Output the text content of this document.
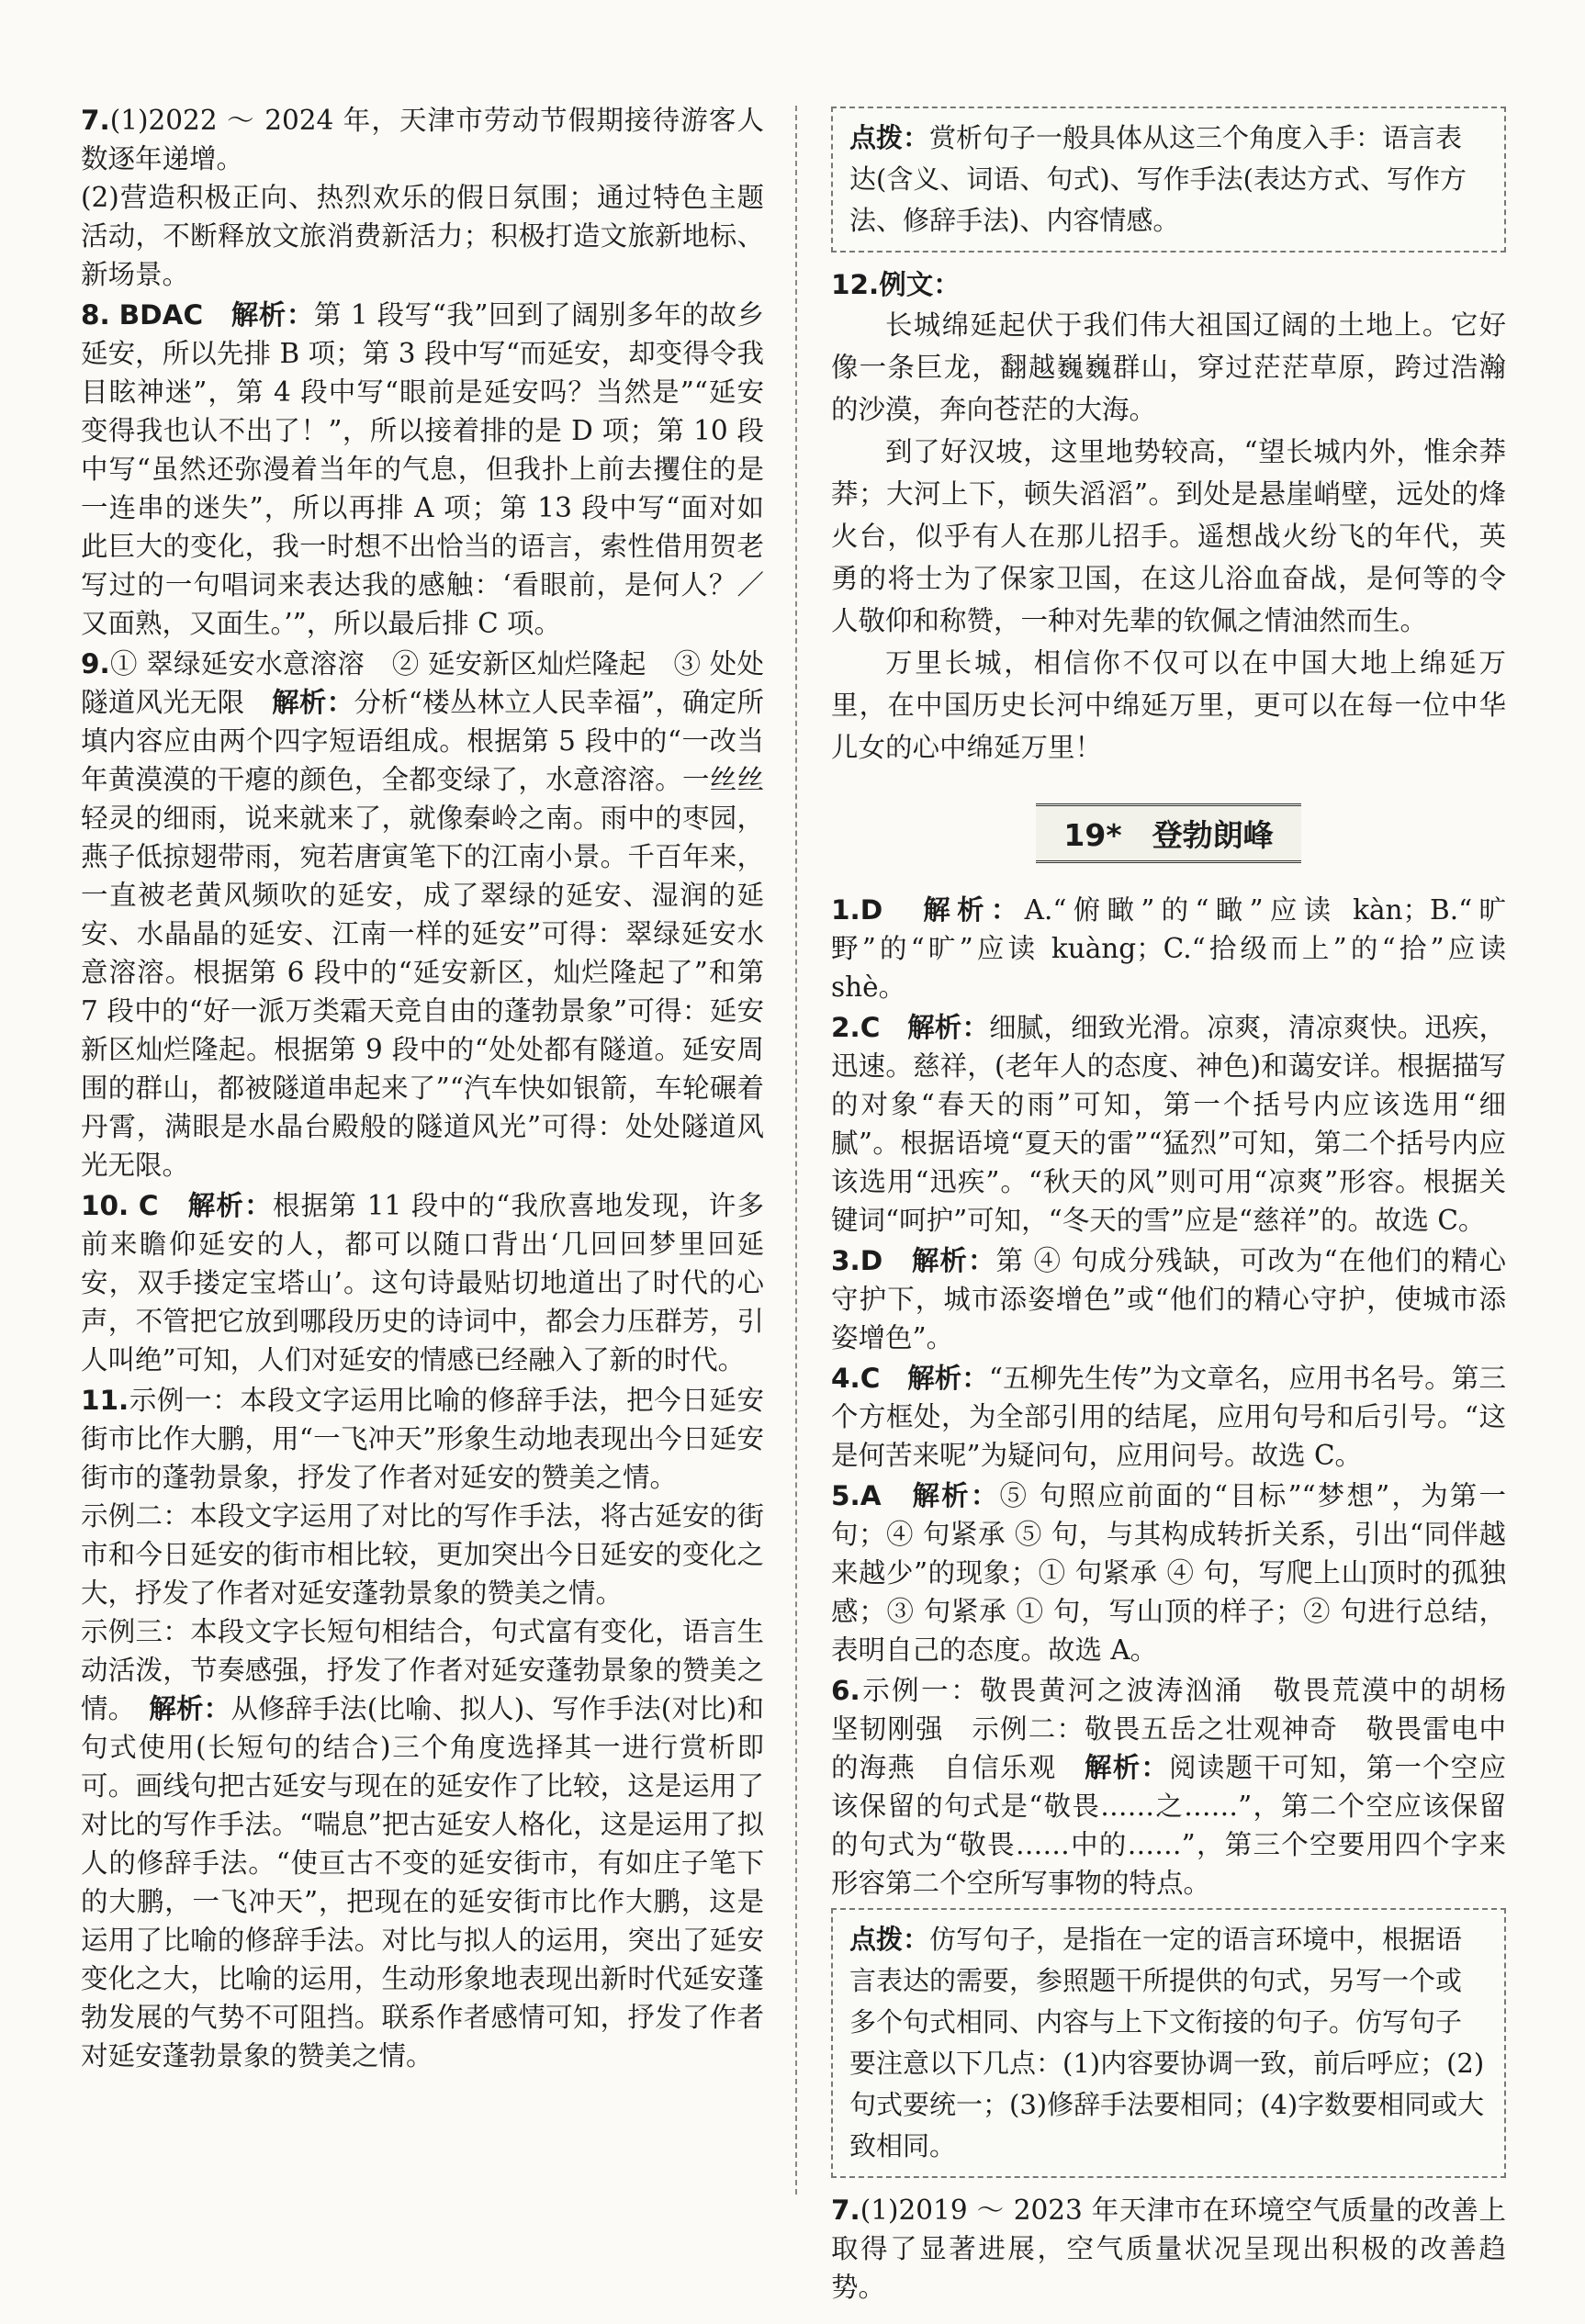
7.(1)2022 ～ 2024 年，天津市劳动节假期接待游客人数逐年递增。

(2)营造积极正向、热烈欢乐的假日氛围；通过特色主题活动，不断释放文旅消费新活力；积极打造文旅新地标、新场景。

8. BDAC　 解析：第 1 段写“我”回到了阔别多年的故乡延安，所以先排 B 项；第 3 段中写“而延安，却变得令我目眩神迷”，第 4 段中写“眼前是延安吗？当然是”“延安变得我也认不出了！”，所以接着排的是 D 项；第 10 段中写“虽然还弥漫着当年的气息，但我扑上前去攫住的是一连串的迷失”，所以再排 A 项；第 13 段中写“面对如此巨大的变化，我一时想不出恰当的语言，索性借用贺老写过的一句唱词来表达我的感触：‘看眼前，是何人？／又面熟，又面生。’”，所以最后排 C 项。

9.① 翠绿延安水意溶溶　② 延安新区灿烂隆起　③ 处处隧道风光无限　 解析：分析“楼丛林立人民幸福”，确定所填内容应由两个四字短语组成。根据第 5 段中的“一改当年黄漠漠的干瘪的颜色，全都变绿了，水意溶溶。一丝丝轻灵的细雨，说来就来了，就像秦岭之南。雨中的枣园，燕子低掠翅带雨，宛若唐寅笔下的江南小景。千百年来，一直被老黄风频吹的延安，成了翠绿的延安、湿润的延安、水晶晶的延安、江南一样的延安”可得：翠绿延安水意溶溶。根据第 6 段中的“延安新区，灿烂隆起了”和第 7 段中的“好一派万类霜天竞自由的蓬勃景象”可得：延安新区灿烂隆起。根据第 9 段中的“处处都有隧道。延安周围的群山，都被隧道串起来了”“汽车快如银箭，车轮碾着丹霄，满眼是水晶台殿般的隧道风光”可得：处处隧道风光无限。

10. C　 解析：根据第 11 段中的“我欣喜地发现，许多前来瞻仰延安的人，都可以随口背出‘几回回梦里回延安，双手搂定宝塔山’。这句诗最贴切地道出了时代的心声，不管把它放到哪段历史的诗词中，都会力压群芳，引人叫绝”可知，人们对延安的情感已经融入了新的时代。

11.示例一：本段文字运用比喻的修辞手法，把今日延安街市比作大鹏，用“一飞冲天”形象生动地表现出今日延安街市的蓬勃景象，抒发了作者对延安的赞美之情。

示例二：本段文字运用了对比的写作手法，将古延安的街市和今日延安的街市相比较，更加突出今日延安的变化之大，抒发了作者对延安蓬勃景象的赞美之情。

示例三：本段文字长短句相结合，句式富有变化，语言生动活泼，节奏感强，抒发了作者对延安蓬勃景象的赞美之情。　 解析：从修辞手法(比喻、拟人)、写作手法(对比)和句式使用(长短句的结合)三个角度选择其一进行赏析即可。画线句把古延安与现在的延安作了比较，这是运用了对比的写作手法。“喘息”把古延安人格化，这是运用了拟人的修辞手法。“使亘古不变的延安街市，有如庄子笔下的大鹏，一飞冲天”，把现在的延安街市比作大鹏，这是运用了比喻的修辞手法。对比与拟人的运用，突出了延安变化之大，比喻的运用，生动形象地表现出新时代延安蓬勃发展的气势不可阻挡。联系作者感情可知，抒发了作者对延安蓬勃景象的赞美之情。

点拨：赏析句子一般具体从这三个角度入手：语言表达(含义、词语、句式)、写作手法(表达方式、写作方法、修辞手法)、内容情感。

12.例文：

长城绵延起伏于我们伟大祖国辽阔的土地上。它好像一条巨龙，翻越巍巍群山，穿过茫茫草原，跨过浩瀚的沙漠，奔向苍茫的大海。

到了好汉坡，这里地势较高，“望长城内外，惟余莽莽；大河上下，顿失滔滔”。到处是悬崖峭壁，远处的烽火台，似乎有人在那儿招手。遥想战火纷飞的年代，英勇的将士为了保家卫国，在这儿浴血奋战，是何等的令人敬仰和称赞，一种对先辈的钦佩之情油然而生。

万里长城，相信你不仅可以在中国大地上绵延万里，在中国历史长河中绵延万里，更可以在每一位中华儿女的心中绵延万里！

19*　登勃朗峰

1.D　 解析：A.“俯瞰”的“瞰”应读 kàn；B.“旷野”的“旷”应读 kuàng；C.“拾级而上”的“拾”应读 shè。

2.C　 解析：细腻，细致光滑。凉爽，清凉爽快。迅疾，迅速。慈祥，(老年人的态度、神色)和蔼安详。根据描写的对象“春天的雨”可知，第一个括号内应该选用“细腻”。根据语境“夏天的雷”“猛烈”可知，第二个括号内应该选用“迅疾”。“秋天的风”则可用“凉爽”形容。根据关键词“呵护”可知，“冬天的雪”应是“慈祥”的。故选 C。

3.D　 解析：第 ④ 句成分残缺，可改为“在他们的精心守护下，城市添姿增色”或“他们的精心守护，使城市添姿增色”。

4.C　 解析：“五柳先生传”为文章名，应用书名号。第三个方框处，为全部引用的结尾，应用句号和后引号。“这是何苦来呢”为疑问句，应用问号。故选 C。

5.A　 解析：⑤ 句照应前面的“目标”“梦想”，为第一句；④ 句紧承 ⑤ 句，与其构成转折关系，引出“同伴越来越少”的现象；① 句紧承 ④ 句，写爬上山顶时的孤独感；③ 句紧承 ① 句，写山顶的样子；② 句进行总结，表明自己的态度。故选 A。

6.示例一：敬畏黄河之波涛汹涌　敬畏荒漠中的胡杨　坚韧刚强　示例二：敬畏五岳之壮观神奇　敬畏雷电中的海燕　自信乐观　 解析：阅读题干可知，第一个空应该保留的句式是“敬畏……之……”，第二个空应该保留的句式为“敬畏……中的……”，第三个空要用四个字来形容第二个空所写事物的特点。

点拨：仿写句子，是指在一定的语言环境中，根据语言表达的需要，参照题干所提供的句式，另写一个或多个句式相同、内容与上下文衔接的句子。仿写句子要注意以下几点：(1)内容要协调一致，前后呼应；(2)句式要统一；(3)修辞手法要相同；(4)字数要相同或大致相同。

7.(1)2019 ～ 2023 年天津市在环境空气质量的改善上取得了显著进展，空气质量状况呈现出积极的改善趋势。
